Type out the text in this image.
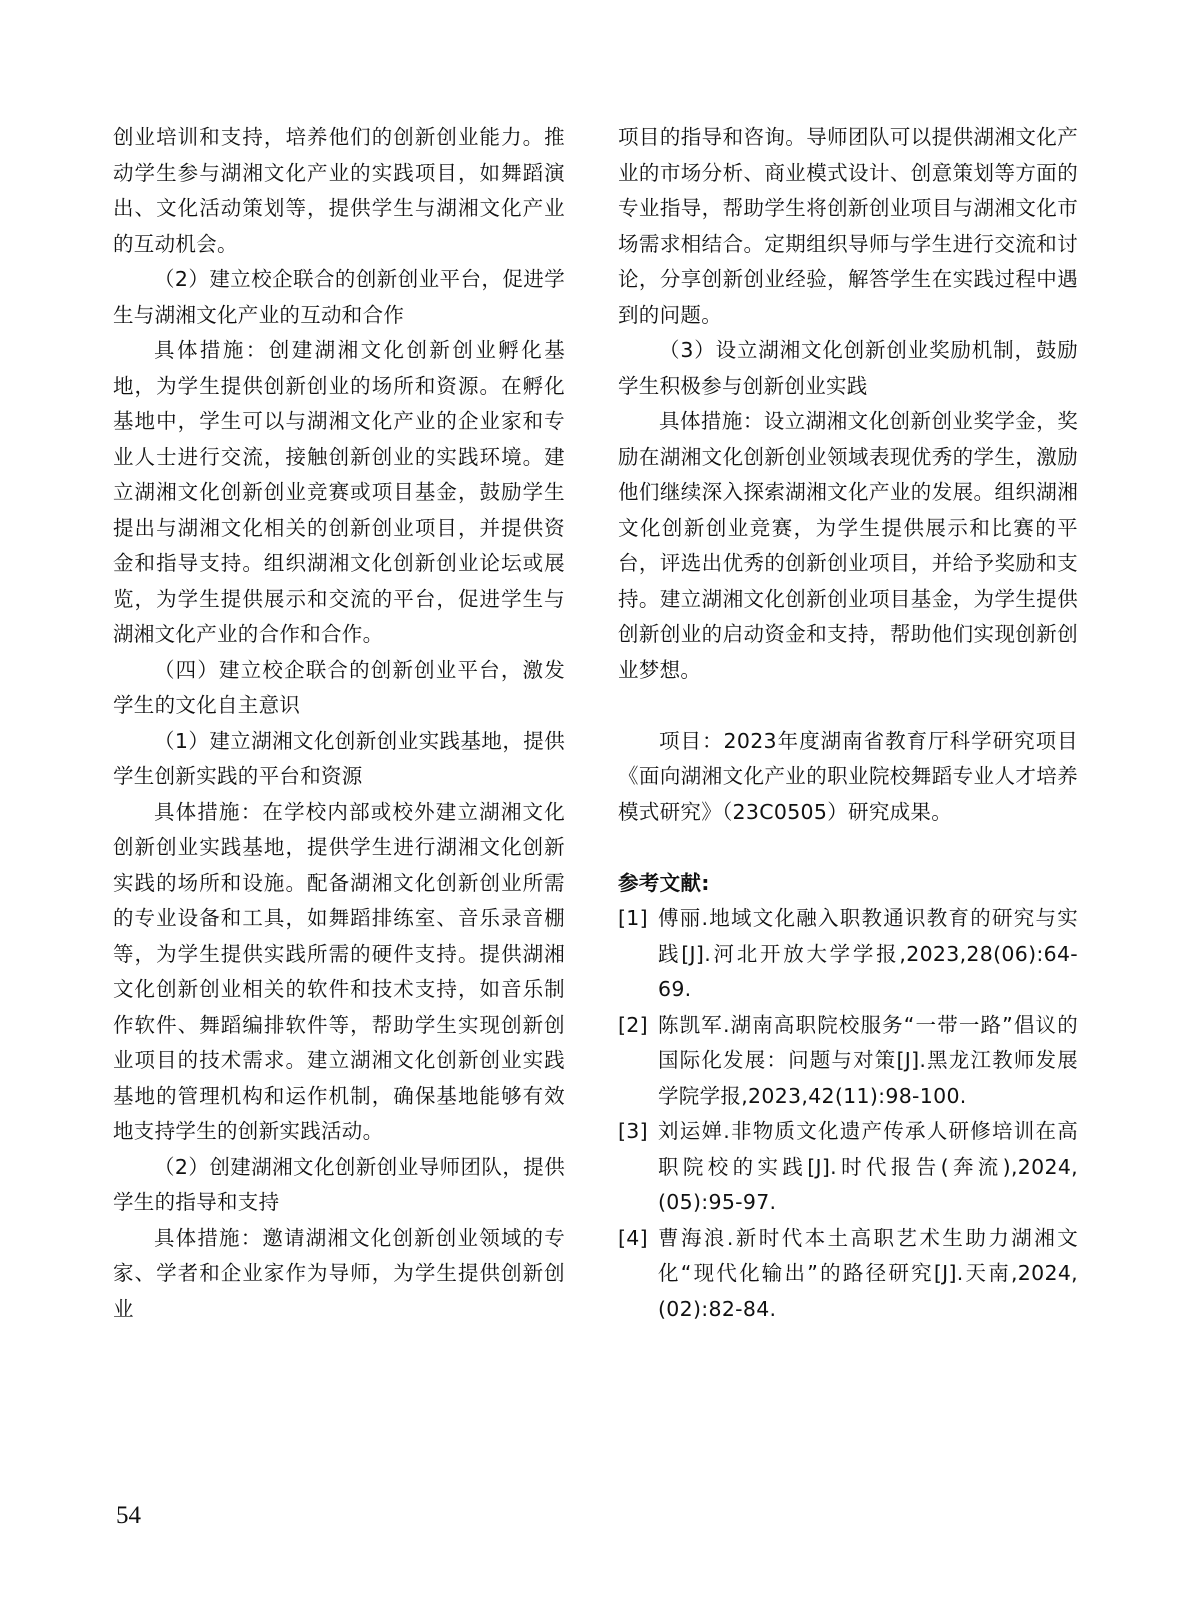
创业培训和支持，培养他们的创新创业能力。推动学生参与湖湘文化产业的实践项目，如舞蹈演出、文化活动策划等，提供学生与湖湘文化产业的互动机会。

（2）建立校企联合的创新创业平台，促进学生与湖湘文化产业的互动和合作

具体措施：创建湖湘文化创新创业孵化基地，为学生提供创新创业的场所和资源。在孵化基地中，学生可以与湖湘文化产业的企业家和专业人士进行交流，接触创新创业的实践环境。建立湖湘文化创新创业竞赛或项目基金，鼓励学生提出与湖湘文化相关的创新创业项目，并提供资金和指导支持。组织湖湘文化创新创业论坛或展览，为学生提供展示和交流的平台，促进学生与湖湘文化产业的合作和合作。

（四）建立校企联合的创新创业平台，激发学生的文化自主意识

（1）建立湖湘文化创新创业实践基地，提供学生创新实践的平台和资源

具体措施：在学校内部或校外建立湖湘文化创新创业实践基地，提供学生进行湖湘文化创新实践的场所和设施。配备湖湘文化创新创业所需的专业设备和工具，如舞蹈排练室、音乐录音棚等，为学生提供实践所需的硬件支持。提供湖湘文化创新创业相关的软件和技术支持，如音乐制作软件、舞蹈编排软件等，帮助学生实现创新创业项目的技术需求。建立湖湘文化创新创业实践基地的管理机构和运作机制，确保基地能够有效地支持学生的创新实践活动。

（2）创建湖湘文化创新创业导师团队，提供学生的指导和支持

具体措施：邀请湖湘文化创新创业领域的专家、学者和企业家作为导师，为学生提供创新创业

项目的指导和咨询。导师团队可以提供湖湘文化产业的市场分析、商业模式设计、创意策划等方面的专业指导，帮助学生将创新创业项目与湖湘文化市场需求相结合。定期组织导师与学生进行交流和讨论，分享创新创业经验，解答学生在实践过程中遇到的问题。

（3）设立湖湘文化创新创业奖励机制，鼓励学生积极参与创新创业实践

具体措施：设立湖湘文化创新创业奖学金，奖励在湖湘文化创新创业领域表现优秀的学生，激励他们继续深入探索湖湘文化产业的发展。组织湖湘文化创新创业竞赛，为学生提供展示和比赛的平台，评选出优秀的创新创业项目，并给予奖励和支持。建立湖湘文化创新创业项目基金，为学生提供创新创业的启动资金和支持，帮助他们实现创新创业梦想。

项目：2023年度湖南省教育厅科学研究项目《面向湖湘文化产业的职业院校舞蹈专业人才培养模式研究》（23C0505）研究成果。

参考文献:

[1] 傅丽.地域文化融入职教通识教育的研究与实践[J].河北开放大学学报,2023,28(06):64-69.
[2] 陈凯军.湖南高职院校服务“一带一路”倡议的国际化发展：问题与对策[J].黑龙江教师发展学院学报,2023,42(11):98-100.
[3] 刘运婵.非物质文化遗产传承人研修培训在高职院校的实践[J].时代报告(奔流),2024,(05):95-97.
[4] 曹海浪.新时代本土高职艺术生助力湖湘文化“现代化输出”的路径研究[J].天南,2024,(02):82-84.
54
